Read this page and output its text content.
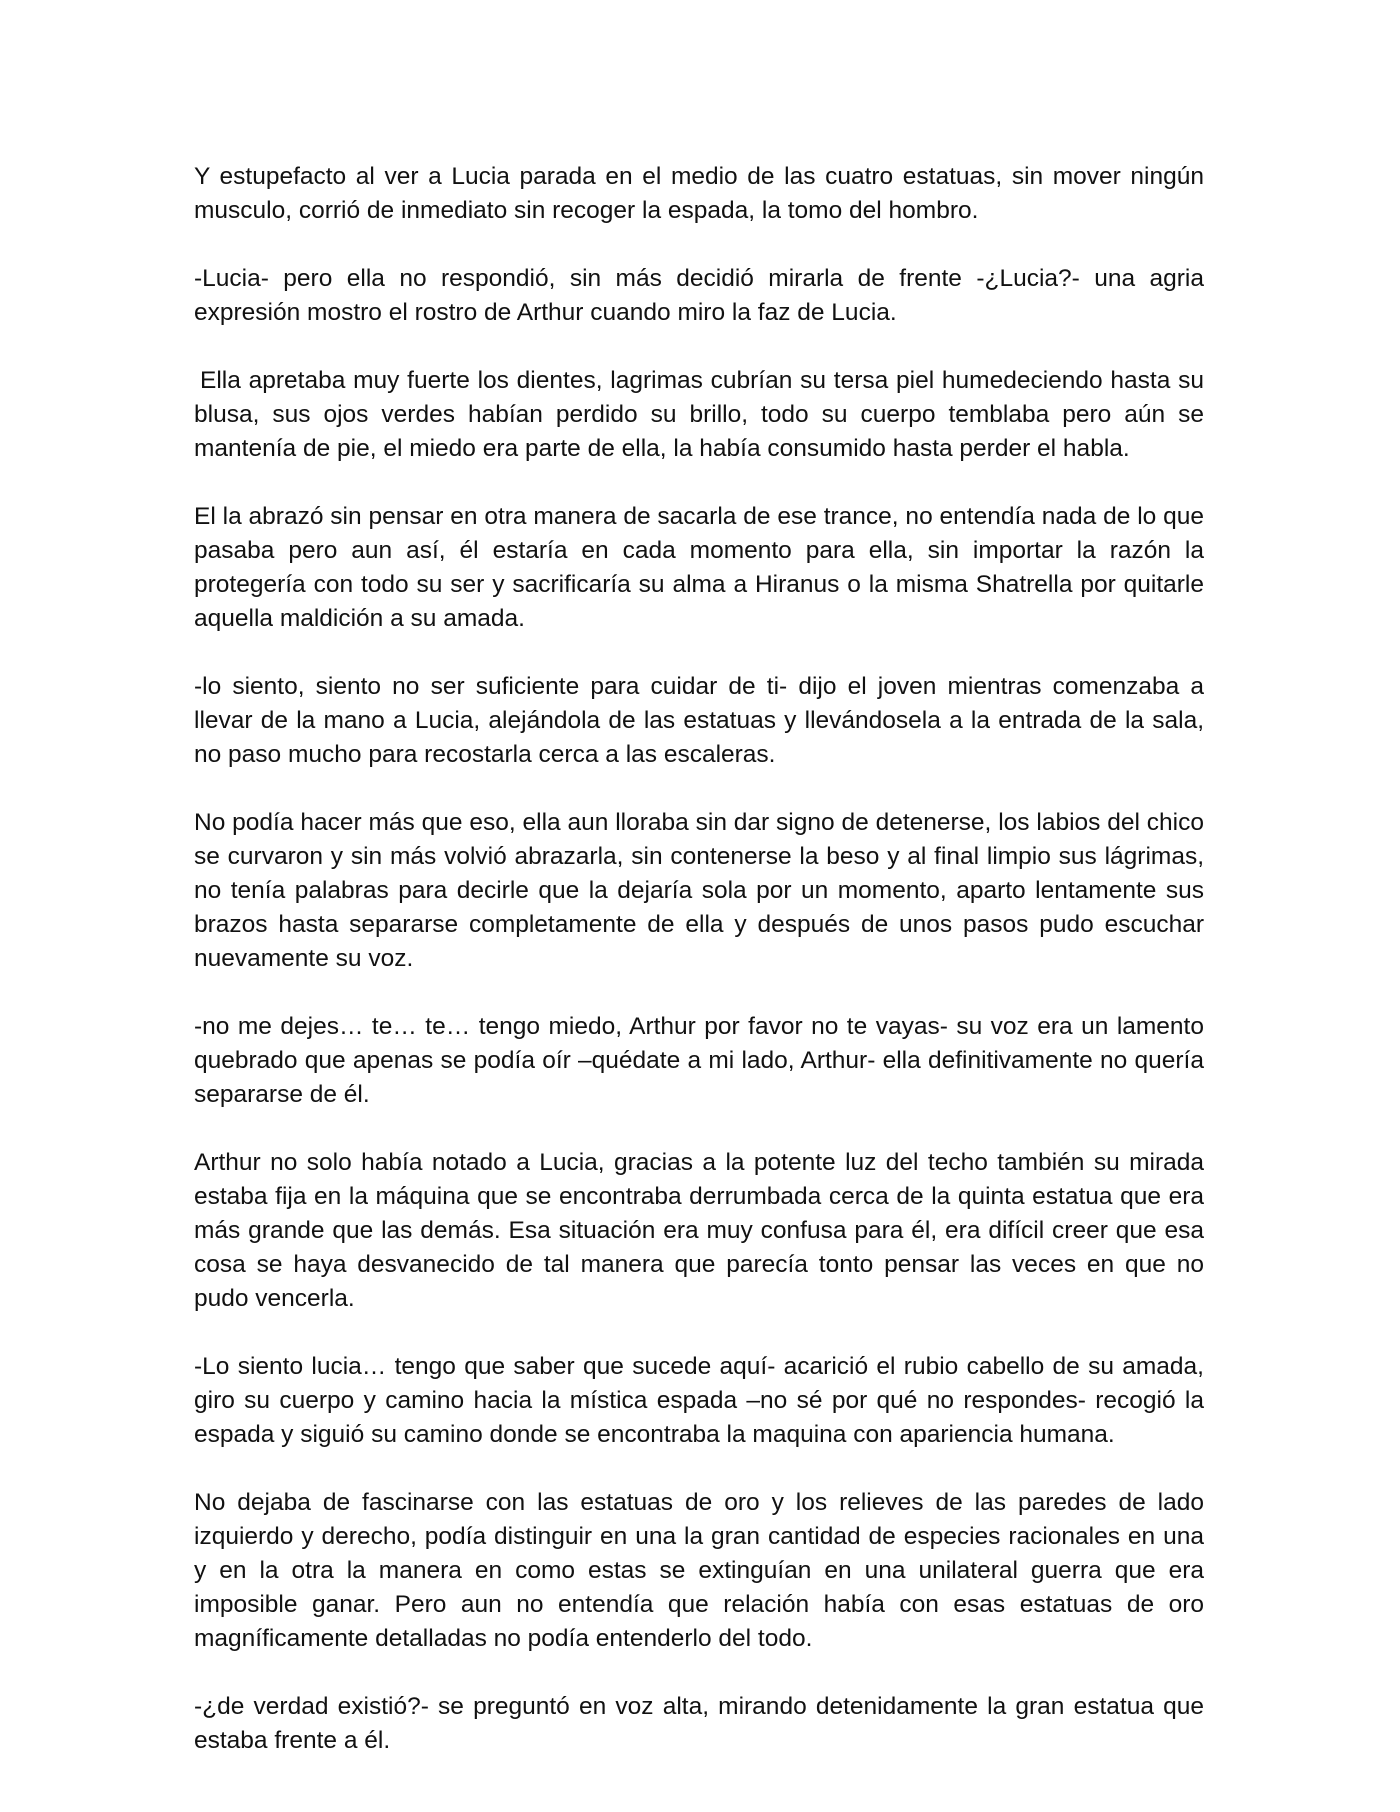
Y estupefacto al ver a Lucia parada en el medio de las cuatro estatuas, sin mover ningún musculo, corrió de inmediato sin recoger la espada, la tomo del hombro.

-Lucia- pero ella no respondió, sin más decidió mirarla de frente -¿Lucia?- una agria expresión mostro el rostro de Arthur cuando miro la faz de Lucia.

Ella apretaba muy fuerte los dientes, lagrimas cubrían su tersa piel humedeciendo hasta su blusa, sus ojos verdes habían perdido su brillo, todo su cuerpo temblaba pero aún se mantenía de pie, el miedo era parte de ella, la había consumido hasta perder el habla.

El la abrazó sin pensar en otra manera de sacarla de ese trance, no entendía nada de lo que pasaba pero aun así, él estaría en cada momento para ella, sin importar la razón la protegería con todo su ser y sacrificaría su alma a Hiranus o la misma Shatrella por quitarle aquella maldición a su amada.

-lo siento, siento no ser suficiente para cuidar de ti- dijo el joven mientras comenzaba a llevar de la mano a Lucia, alejándola de las estatuas y llevándosela a la entrada de la sala, no paso mucho para recostarla cerca a las escaleras.

No podía hacer más que eso, ella aun lloraba sin dar signo de detenerse, los labios del chico se curvaron y sin más volvió abrazarla, sin contenerse la beso y al final limpio sus lágrimas, no tenía palabras para decirle que la dejaría sola por un momento, aparto lentamente sus brazos hasta separarse completamente de ella y después de unos pasos pudo escuchar nuevamente su voz.

-no me dejes… te… te… tengo miedo, Arthur por favor no te vayas- su voz era un lamento quebrado que apenas se podía oír –quédate a mi lado, Arthur- ella definitivamente no quería separarse de él.

Arthur no solo había notado a Lucia, gracias a la potente luz del techo también su mirada estaba fija en la máquina que se encontraba derrumbada cerca de la quinta estatua que era más grande que las demás. Esa situación era muy confusa para él, era difícil creer que esa cosa se haya desvanecido de tal manera que parecía tonto pensar las veces en que no pudo vencerla.

-Lo siento lucia… tengo que saber que sucede aquí- acarició el rubio cabello de su amada, giro su cuerpo y camino hacia la mística espada –no sé por qué no respondes- recogió la espada y siguió su camino donde se encontraba la maquina con apariencia humana.

No dejaba de fascinarse con las estatuas de oro y los relieves de las paredes de lado izquierdo y derecho, podía distinguir en una la gran cantidad de especies racionales en una y en la otra la manera en como estas se extinguían en una unilateral guerra que era imposible ganar. Pero aun no entendía que relación había con esas estatuas de oro magníficamente detalladas no podía entenderlo del todo.

-¿de verdad existió?- se preguntó en voz alta, mirando detenidamente la gran estatua que estaba frente a él.
